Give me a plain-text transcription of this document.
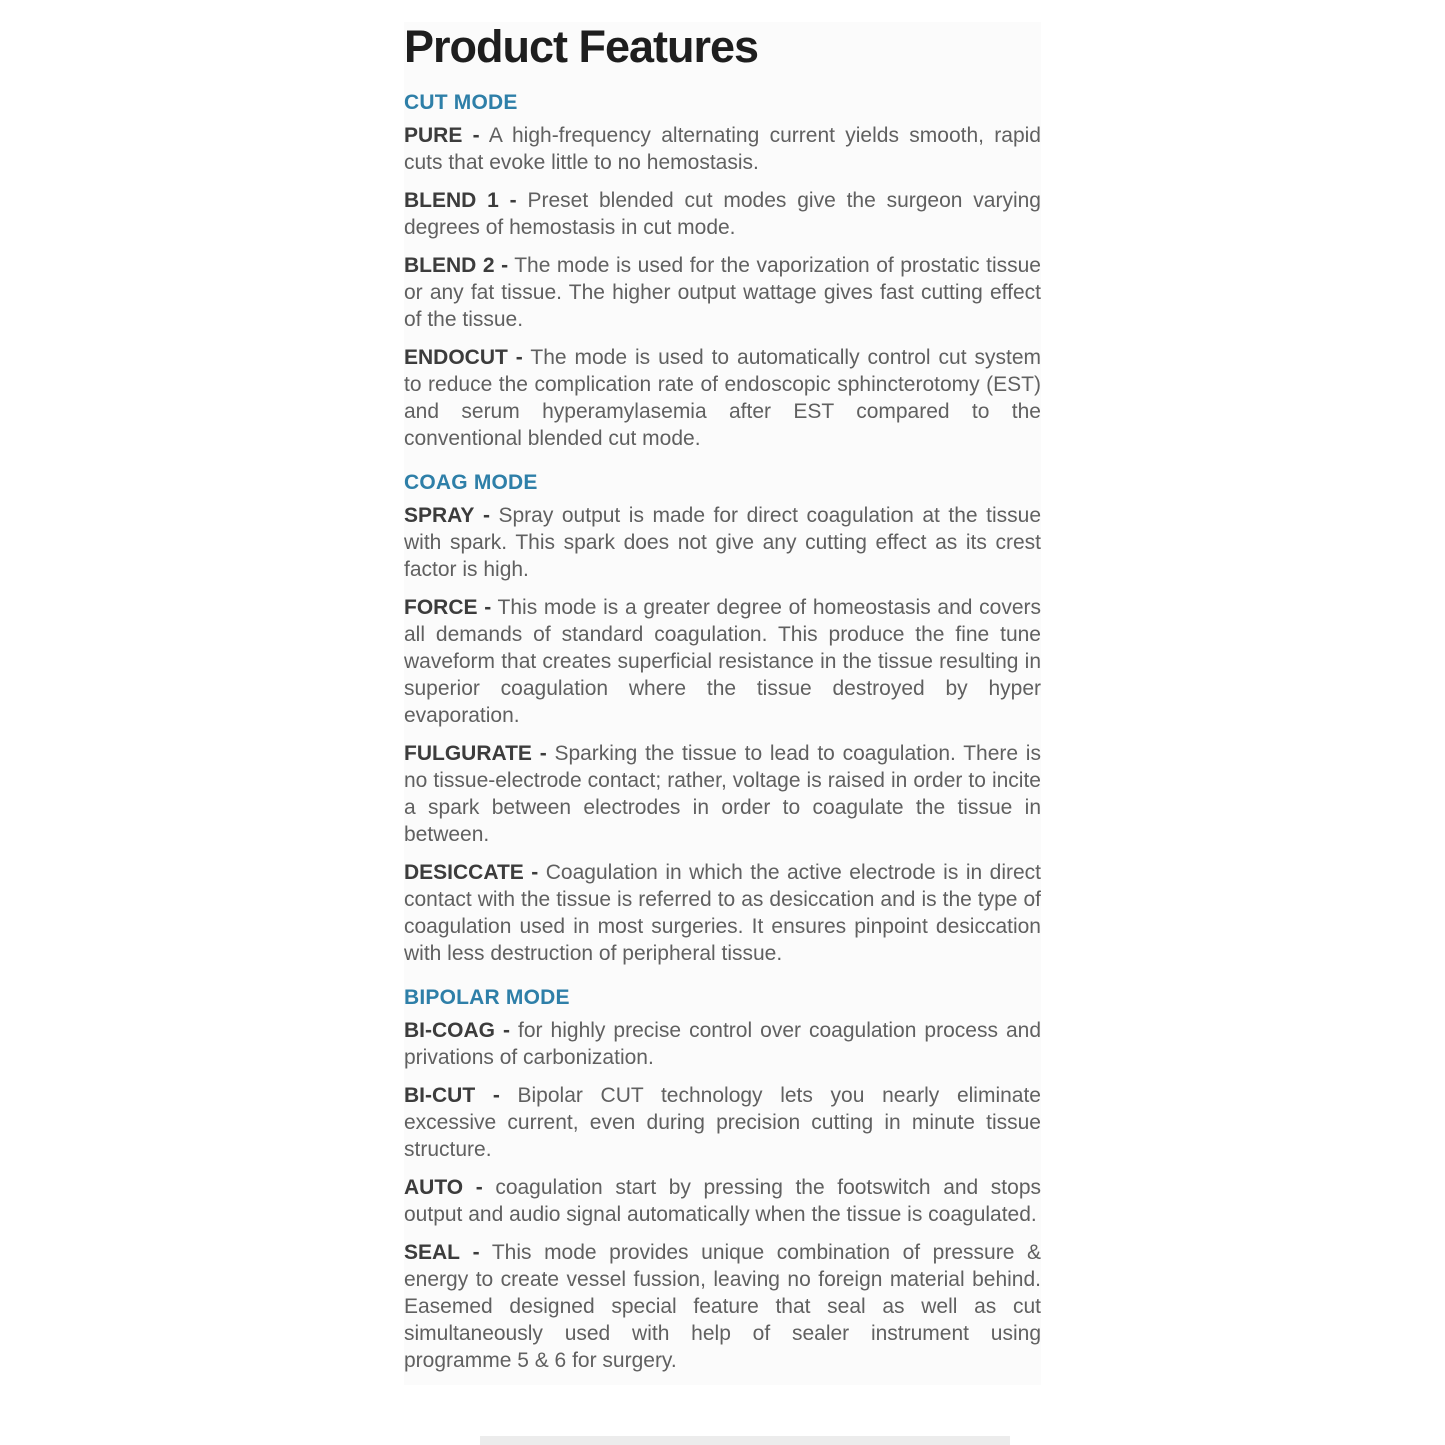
Product Features
CUT MODE

PURE - A high-frequency alternating current yields smooth, rapid cuts that evoke little to no hemostasis.

BLEND 1 - Preset blended cut modes give the surgeon varying degrees of hemostasis in cut mode.

BLEND 2 - The mode is used for the vaporization of prostatic tissue or any fat tissue. The higher output wattage gives fast cutting effect of the tissue.

ENDOCUT - The mode is used to automatically control cut system to reduce the complication rate of endoscopic sphincterotomy (EST) and serum hyperamylasemia after EST compared to the conventional blended cut mode.

COAG MODE

SPRAY - Spray output is made for direct coagulation at the tissue with spark. This spark does not give any cutting effect as its crest factor is high.

FORCE - This mode is a greater degree of homeostasis and covers all demands of standard coagulation. This produce the fine tune waveform that creates superficial resistance in the tissue resulting in superior coagulation where the tissue destroyed by hyper evaporation.

FULGURATE - Sparking the tissue to lead to coagulation. There is no tissue-electrode contact; rather, voltage is raised in order to incite a spark between electrodes in order to coagulate the tissue in between.

DESICCATE - Coagulation in which the active electrode is in direct contact with the tissue is referred to as desiccation and is the type of coagulation used in most surgeries. It ensures pinpoint desiccation with less destruction of peripheral tissue.

BIPOLAR MODE

BI-COAG - for highly precise control over coagulation process and privations of carbonization.

BI-CUT - Bipolar CUT technology lets you nearly eliminate excessive current, even during precision cutting in minute tissue structure.

AUTO - coagulation start by pressing the footswitch and stops output and audio signal automatically when the tissue is coagulated.

SEAL - This mode provides unique combination of pressure & energy to create vessel fussion, leaving no foreign material behind. Easemed designed special feature that seal as well as cut simultaneously used with help of sealer instrument using programme 5 & 6 for surgery.
